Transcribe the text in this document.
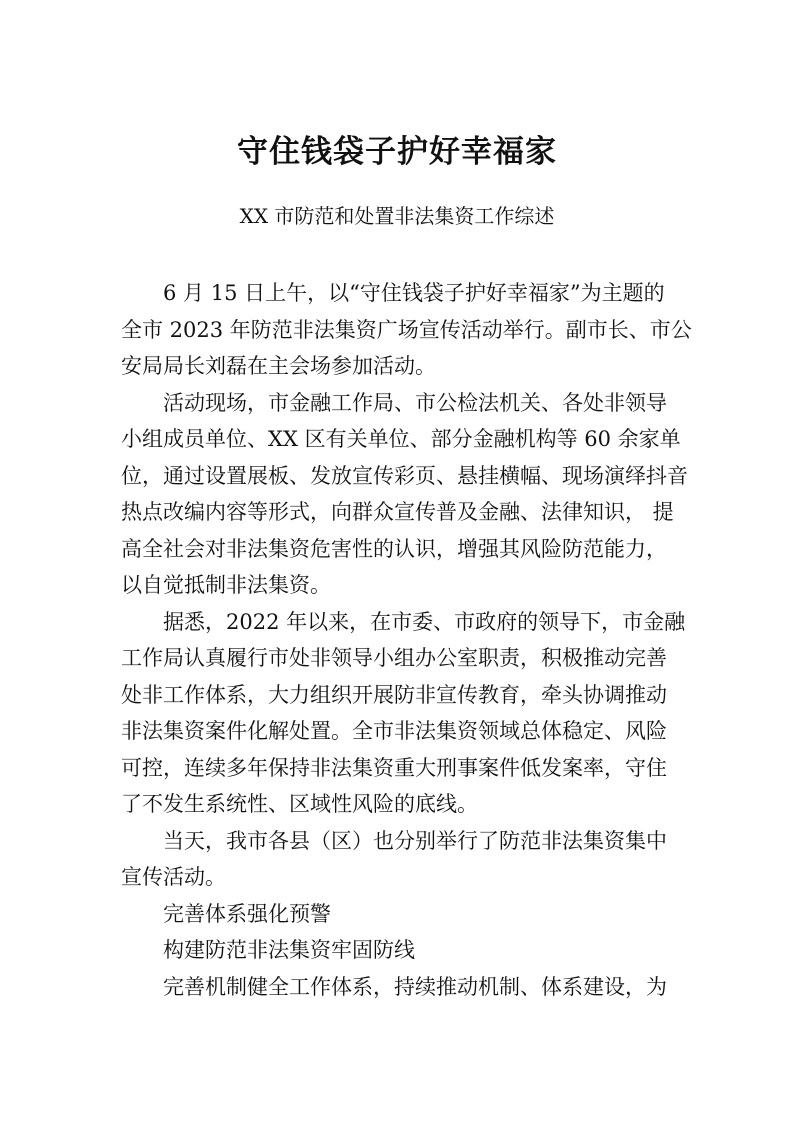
守住钱袋子护好幸福家
XX 市防范和处置非法集资工作综述

6 月 15 日上午，以“守住钱袋子护好幸福家”为主题的

全市 2023 年防范非法集资广场宣传活动举行。副市长、市公

安局局长刘磊在主会场参加活动。

活动现场，市金融工作局、市公检法机关、各处非领导

小组成员单位、XX 区有关单位、部分金融机构等 60 余家单

位，通过设置展板、发放宣传彩页、悬挂横幅、现场演绎抖音

热点改编内容等形式，向群众宣传普及金融、法律知识， 提

高全社会对非法集资危害性的认识，增强其风险防范能力，

以自觉抵制非法集资。

据悉，2022 年以来，在市委、市政府的领导下，市金融

工作局认真履行市处非领导小组办公室职责，积极推动完善

处非工作体系，大力组织开展防非宣传教育，牵头协调推动

非法集资案件化解处置。全市非法集资领域总体稳定、风险

可控，连续多年保持非法集资重大刑事案件低发案率，守住

了不发生系统性、区域性风险的底线。

当天，我市各县（区）也分别举行了防范非法集资集中

宣传活动。

完善体系强化预警

构建防范非法集资牢固防线

完善机制健全工作体系，持续推动机制、体系建设，为
